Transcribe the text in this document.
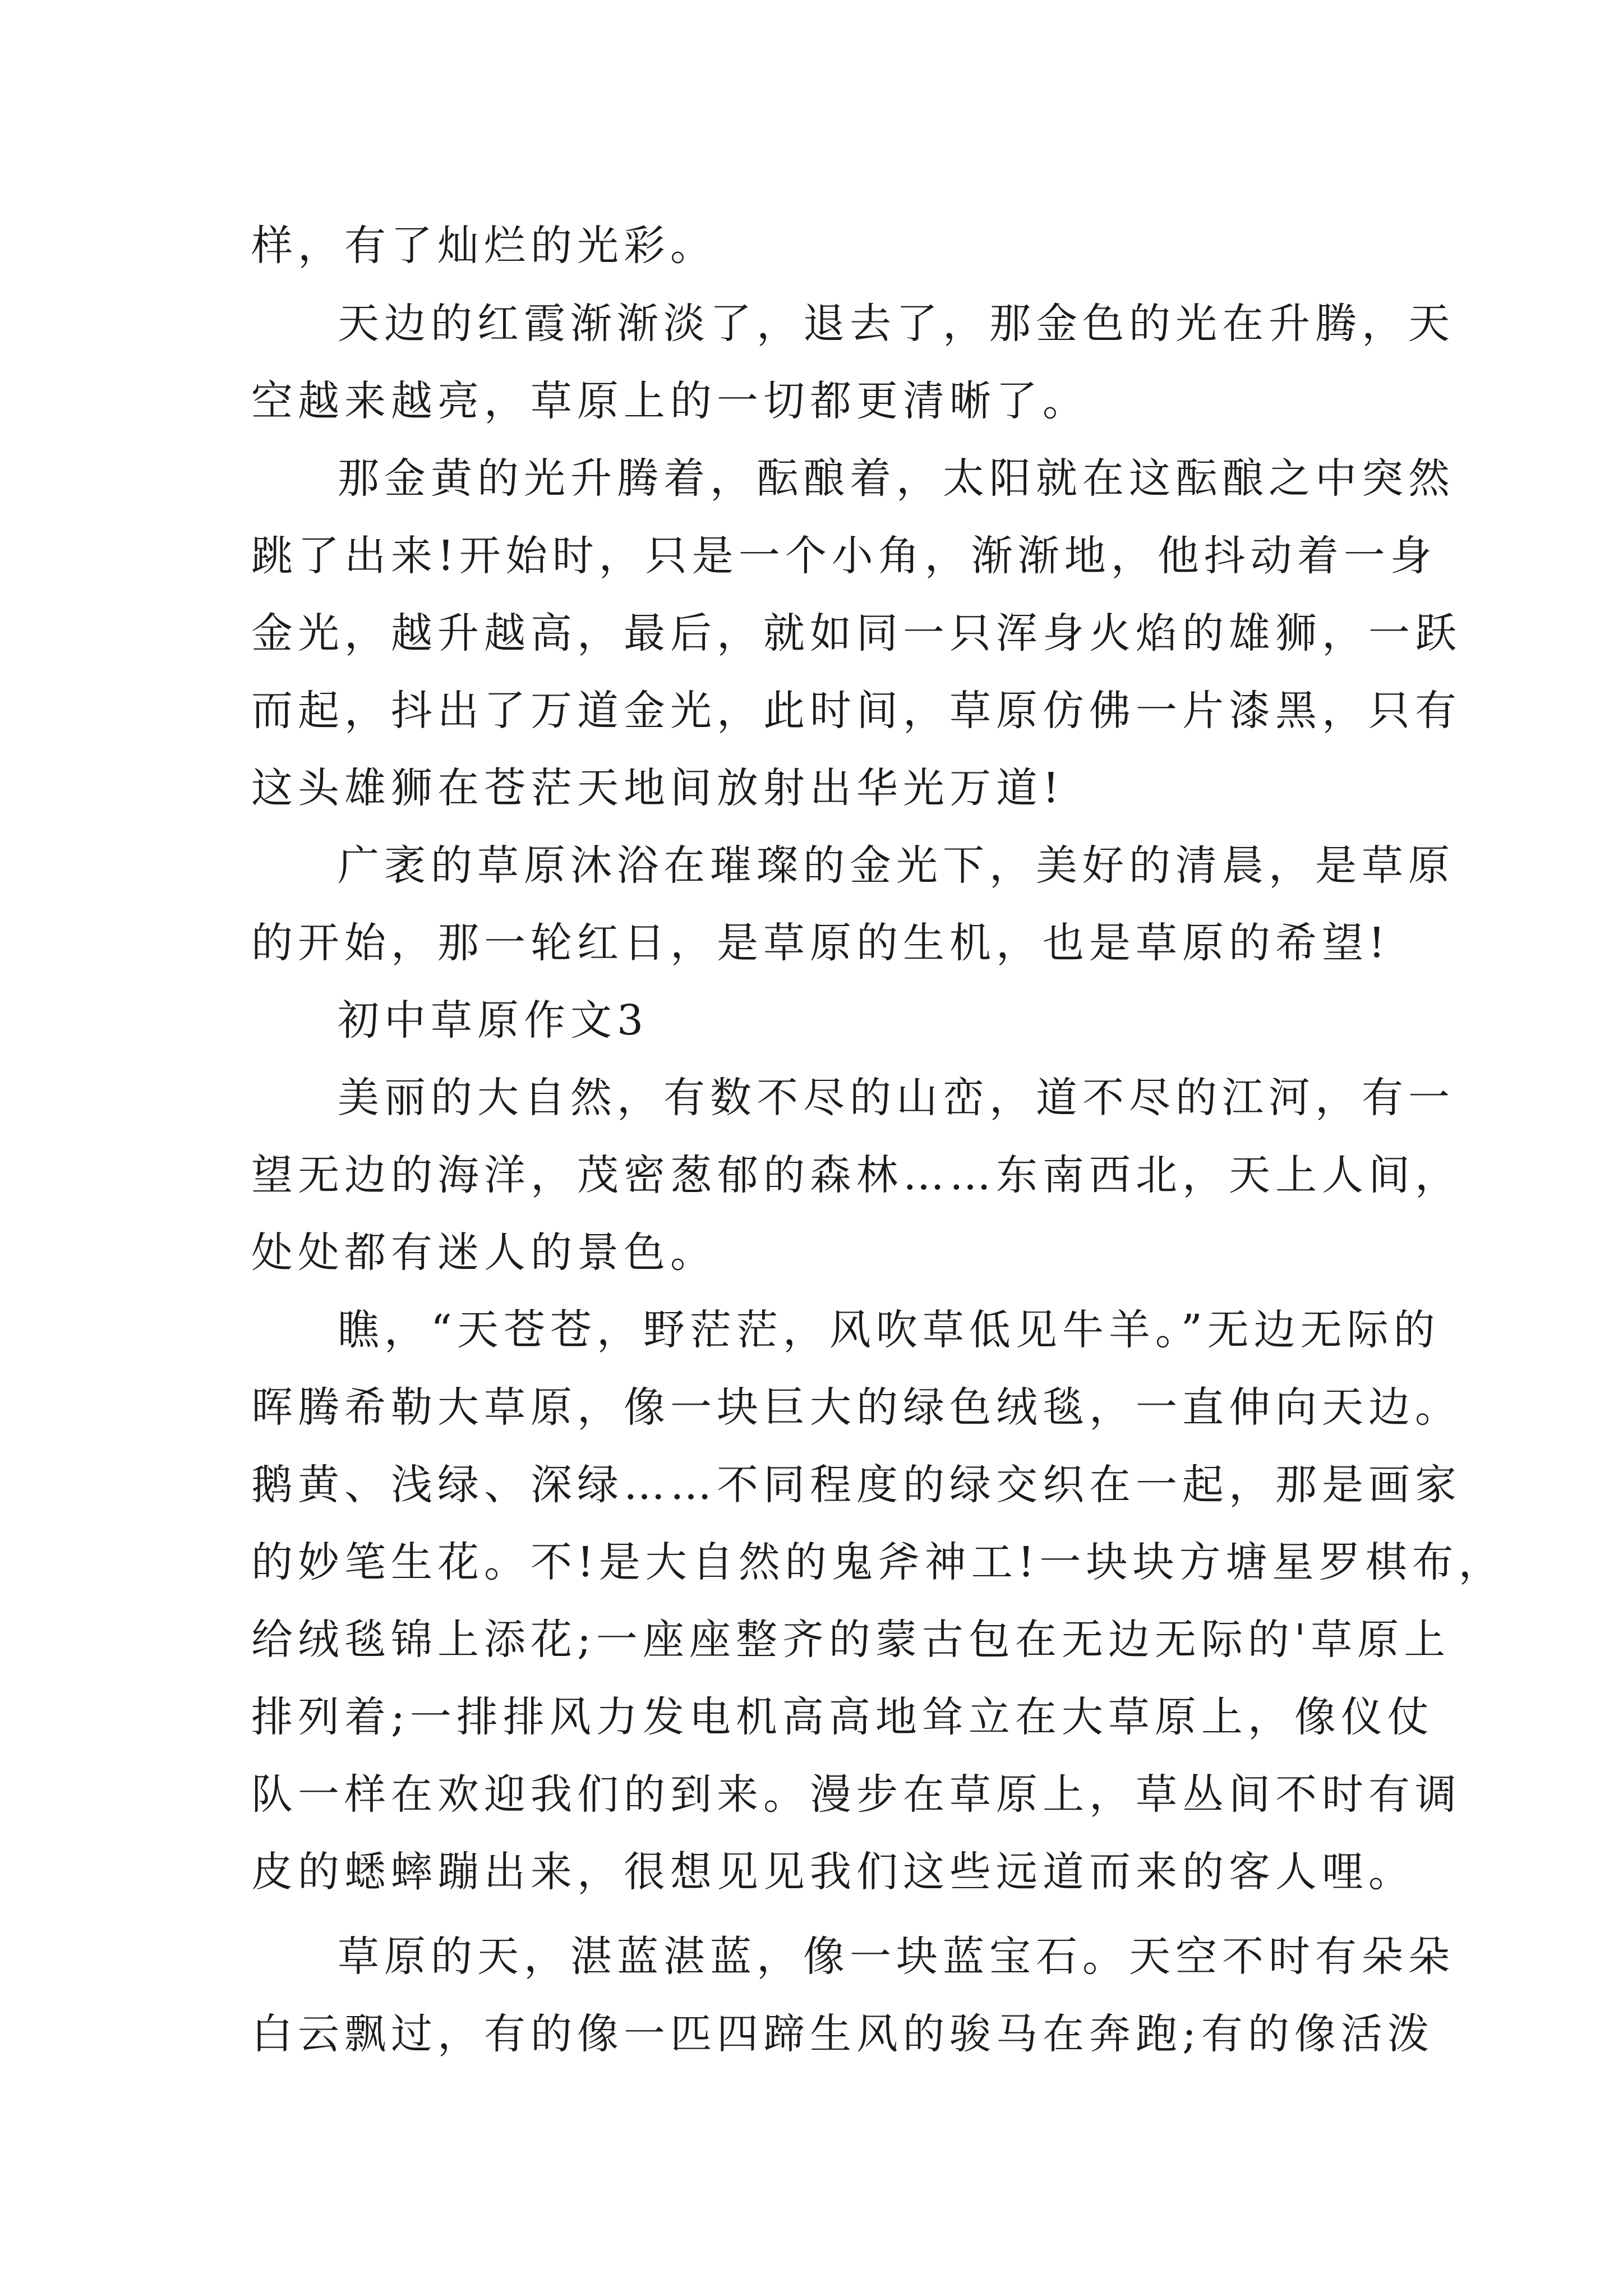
样，有了灿烂的光彩。
天边的红霞渐渐淡了，退去了，那金色的光在升腾，天
空越来越亮，草原上的一切都更清晰了。
那金黄的光升腾着，酝酿着，太阳就在这酝酿之中突然
跳了出来!开始时，只是一个小角，渐渐地，他抖动着一身
金光，越升越高，最后，就如同一只浑身火焰的雄狮，一跃
而起，抖出了万道金光，此时间，草原仿佛一片漆黑，只有
这头雄狮在苍茫天地间放射出华光万道!
广袤的草原沐浴在璀璨的金光下，美好的清晨，是草原
的开始，那一轮红日，是草原的生机，也是草原的希望!
初中草原作文3
美丽的大自然，有数不尽的山峦，道不尽的江河，有一
望无边的海洋，茂密葱郁的森林……东南西北，天上人间，
处处都有迷人的景色。
瞧，“天苍苍，野茫茫，风吹草低见牛羊。”无边无际的
晖腾希勒大草原，像一块巨大的绿色绒毯，一直伸向天边。
鹅黄、浅绿、深绿……不同程度的绿交织在一起，那是画家
的妙笔生花。不!是大自然的鬼斧神工!一块块方塘星罗棋布，
给绒毯锦上添花;一座座整齐的蒙古包在无边无际的'草原上
排列着;一排排风力发电机高高地耸立在大草原上，像仪仗
队一样在欢迎我们的到来。漫步在草原上，草丛间不时有调
皮的蟋蟀蹦出来，很想见见我们这些远道而来的客人哩。
草原的天，湛蓝湛蓝，像一块蓝宝石。天空不时有朵朵
白云飘过，有的像一匹四蹄生风的骏马在奔跑;有的像活泼
